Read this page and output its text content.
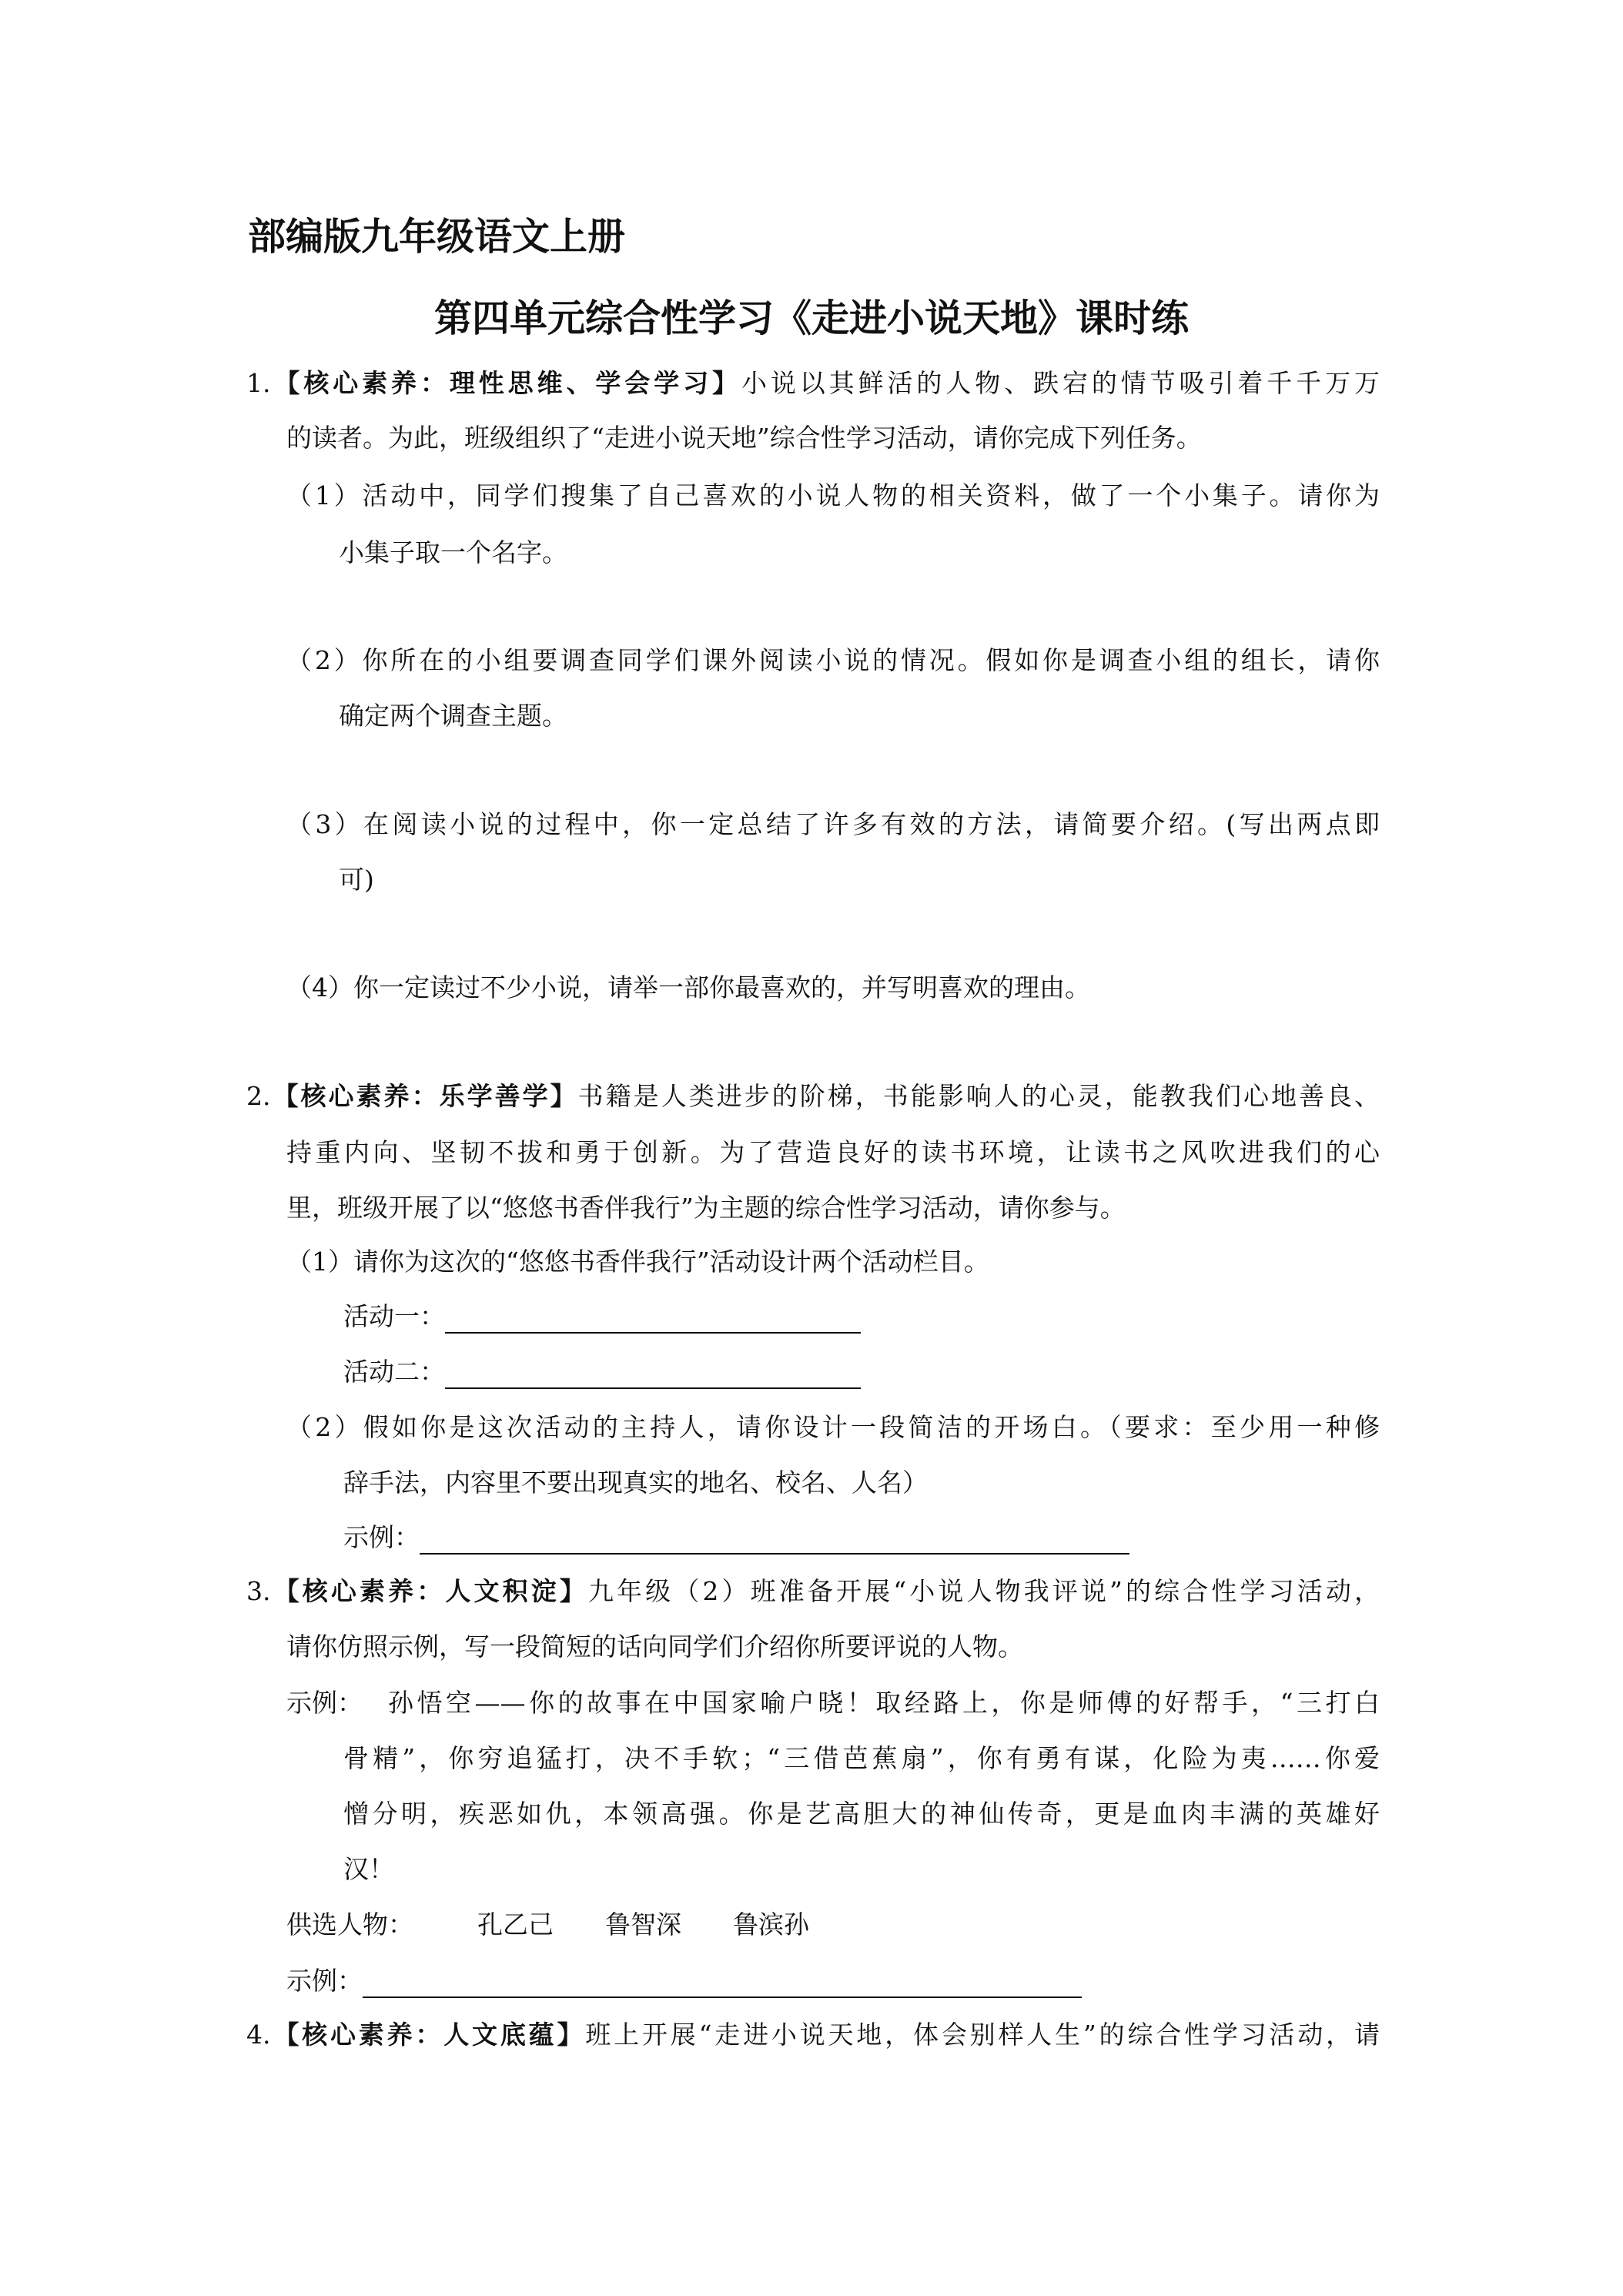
部编版九年级语文上册
第四单元综合性学习《走进小说天地》课时练
1.【核心素养：理性思维、学会学习】小说以其鲜活的人物、跌宕的情节吸引着千千万万
的读者。为此，班级组织了“走进小说天地”综合性学习活动，请你完成下列任务。
（1）活动中，同学们搜集了自己喜欢的小说人物的相关资料，做了一个小集子。请你为
小集子取一个名字。
（2）你所在的小组要调查同学们课外阅读小说的情况。假如你是调查小组的组长，请你
确定两个调查主题。
（3）在阅读小说的过程中，你一定总结了许多有效的方法，请简要介绍。(写出两点即
可)
（4）你一定读过不少小说，请举一部你最喜欢的，并写明喜欢的理由。
2.【核心素养：乐学善学】书籍是人类进步的阶梯，书能影响人的心灵，能教我们心地善良、
持重内向、坚韧不拔和勇于创新。为了营造良好的读书环境，让读书之风吹进我们的心
里，班级开展了以“悠悠书香伴我行”为主题的综合性学习活动，请你参与。
（1）请你为这次的“悠悠书香伴我行”活动设计两个活动栏目。
活动一：
活动二：
（2）假如你是这次活动的主持人，请你设计一段简洁的开场白。（要求：至少用一种修
辞手法，内容里不要出现真实的地名、校名、人名）
示例：
3.【核心素养：人文积淀】九年级（2）班准备开展“小说人物我评说”的综合性学习活动，
请你仿照示例，写一段简短的话向同学们介绍你所要评说的人物。
示例： 孙悟空——你的故事在中国家喻户晓！取经路上，你是师傅的好帮手，“三打白
骨精”，你穷追猛打，决不手软；“三借芭蕉扇”，你有勇有谋，化险为夷……你爱
憎分明，疾恶如仇，本领高强。你是艺高胆大的神仙传奇，更是血肉丰满的英雄好
汉！
供选人物：	孔乙己 鲁智深 鲁滨孙
示例：
4.【核心素养：人文底蕴】班上开展“走进小说天地，体会别样人生”的综合性学习活动，请
